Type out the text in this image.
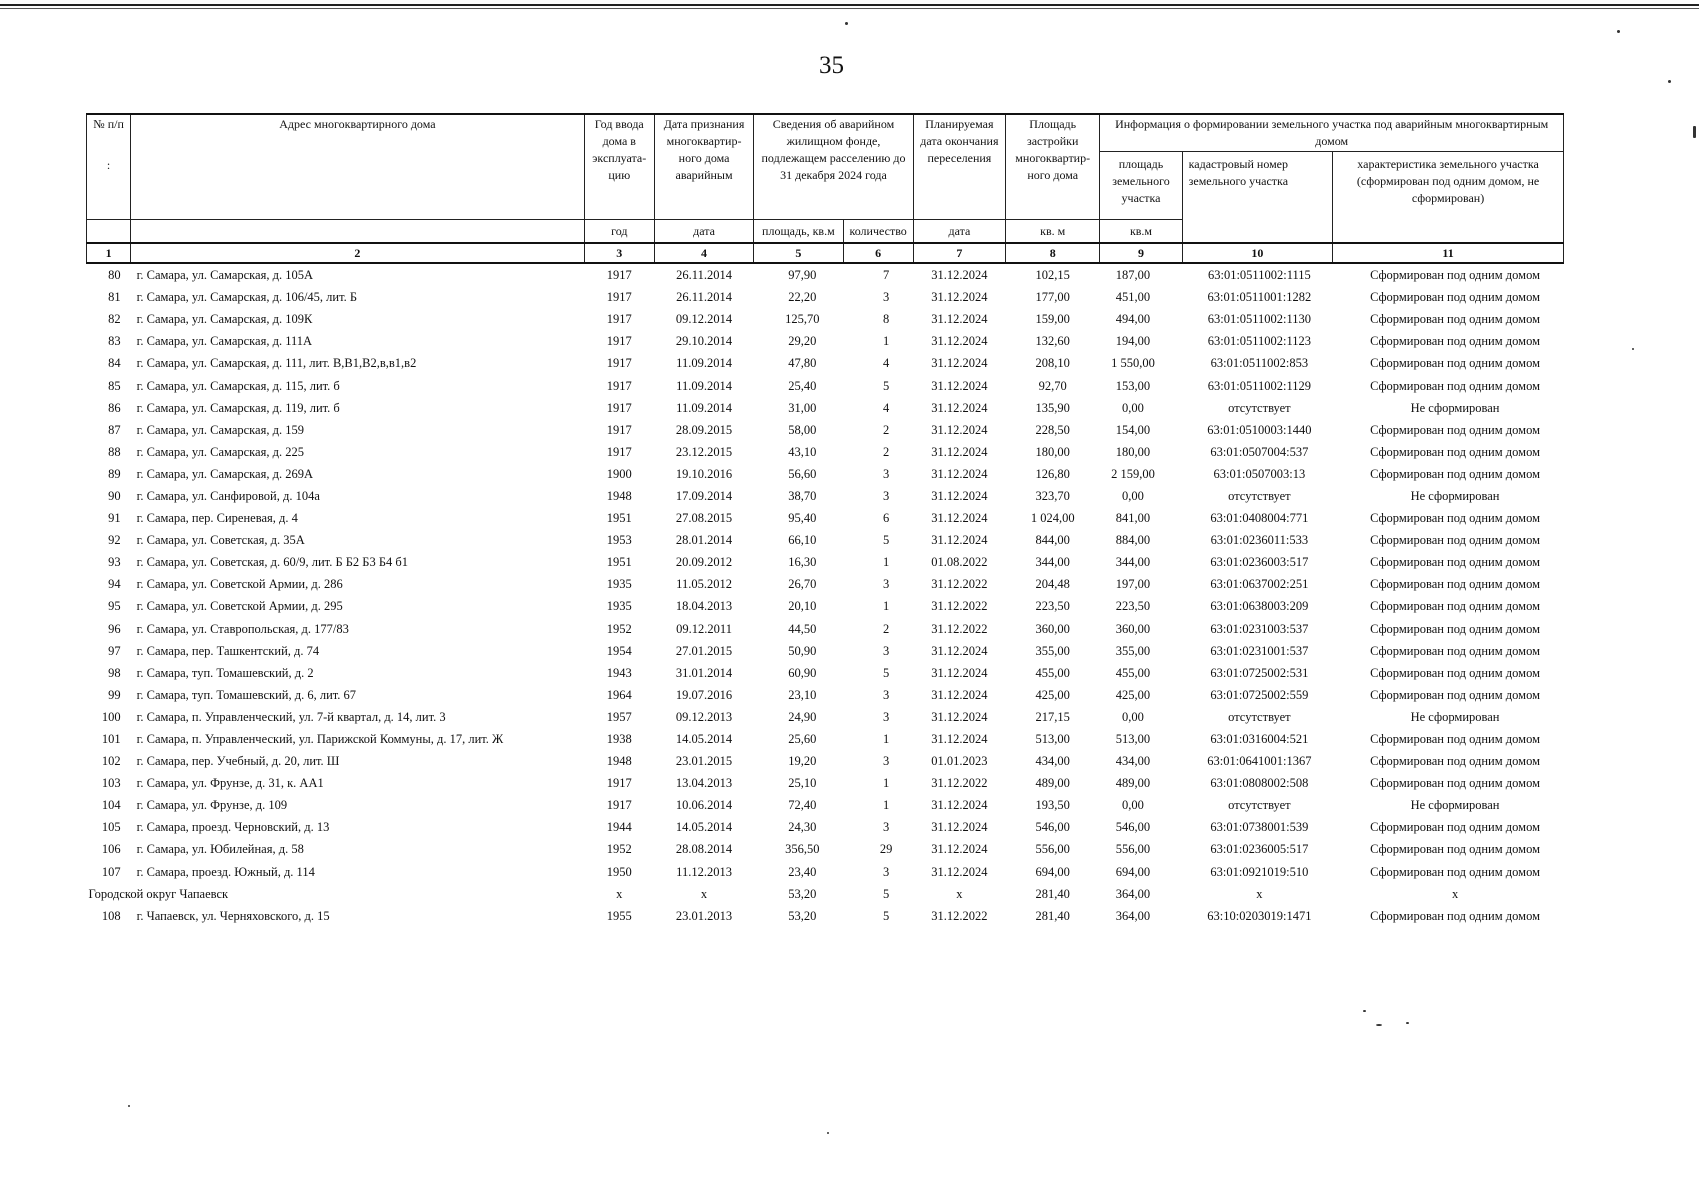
35
№ п/п
:	Адрес многоквартирного дома	Год ввода дома в эксплуата-цию	Дата признания многоквартир-ного дома аварийным	Сведения об аварийном жилищном фонде, подлежащем расселению до 31 декабря 2024 года		Планируемая дата окончания переселения	Площадь застройки многоквартир-ного дома	Информация о формировании земельного участка под аварийным многоквартирным домом		
								площадь земельного участка	кадастровый номер земельного участка	характеристика земельного участка (сформирован под одним домом, не сформирован)
		год	дата	площадь, кв.м	количество	дата	кв. м	кв.м		
1	2	3	4	5	6	7	8	9	10	11
80	г. Самара, ул. Самарская, д. 105А	1917	26.11.2014	97,90	7	31.12.2024	102,15	187,00	63:01:0511002:1115	Сформирован под одним домом
81	г. Самара, ул. Самарская, д. 106/45, лит. Б	1917	26.11.2014	22,20	3	31.12.2024	177,00	451,00	63:01:0511001:1282	Сформирован под одним домом
82	г. Самара, ул. Самарская, д. 109К	1917	09.12.2014	125,70	8	31.12.2024	159,00	494,00	63:01:0511002:1130	Сформирован под одним домом
83	г. Самара, ул. Самарская, д. 111А	1917	29.10.2014	29,20	1	31.12.2024	132,60	194,00	63:01:0511002:1123	Сформирован под одним домом
84	г. Самара, ул. Самарская, д. 111, лит. В,В1,В2,в,в1,в2	1917	11.09.2014	47,80	4	31.12.2024	208,10	1 550,00	63:01:0511002:853	Сформирован под одним домом
85	г. Самара, ул. Самарская, д. 115, лит. б	1917	11.09.2014	25,40	5	31.12.2024	92,70	153,00	63:01:0511002:1129	Сформирован под одним домом
86	г. Самара, ул. Самарская, д. 119, лит. б	1917	11.09.2014	31,00	4	31.12.2024	135,90	0,00	отсутствует	Не сформирован
87	г. Самара, ул. Самарская, д. 159	1917	28.09.2015	58,00	2	31.12.2024	228,50	154,00	63:01:0510003:1440	Сформирован под одним домом
88	г. Самара, ул. Самарская, д. 225	1917	23.12.2015	43,10	2	31.12.2024	180,00	180,00	63:01:0507004:537	Сформирован под одним домом
89	г. Самара, ул. Самарская, д. 269А	1900	19.10.2016	56,60	3	31.12.2024	126,80	2 159,00	63:01:0507003:13	Сформирован под одним домом
90	г. Самара, ул. Санфировой, д. 104а	1948	17.09.2014	38,70	3	31.12.2024	323,70	0,00	отсутствует	Не сформирован
91	г. Самара, пер. Сиреневая, д. 4	1951	27.08.2015	95,40	6	31.12.2024	1 024,00	841,00	63:01:0408004:771	Сформирован под одним домом
92	г. Самара, ул. Советская, д. 35А	1953	28.01.2014	66,10	5	31.12.2024	844,00	884,00	63:01:0236011:533	Сформирован под одним домом
93	г. Самара, ул. Советская, д. 60/9, лит. Б Б2 Б3 Б4 б1	1951	20.09.2012	16,30	1	01.08.2022	344,00	344,00	63:01:0236003:517	Сформирован под одним домом
94	г. Самара, ул. Советской Армии, д. 286	1935	11.05.2012	26,70	3	31.12.2022	204,48	197,00	63:01:0637002:251	Сформирован под одним домом
95	г. Самара, ул. Советской Армии, д. 295	1935	18.04.2013	20,10	1	31.12.2022	223,50	223,50	63:01:0638003:209	Сформирован под одним домом
96	г. Самара, ул. Ставропольская, д. 177/83	1952	09.12.2011	44,50	2	31.12.2022	360,00	360,00	63:01:0231003:537	Сформирован под одним домом
97	г. Самара, пер. Ташкентский, д. 74	1954	27.01.2015	50,90	3	31.12.2024	355,00	355,00	63:01:0231001:537	Сформирован под одним домом
98	г. Самара, туп. Томашевский, д. 2	1943	31.01.2014	60,90	5	31.12.2024	455,00	455,00	63:01:0725002:531	Сформирован под одним домом
99	г. Самара, туп. Томашевский, д. 6, лит. 67	1964	19.07.2016	23,10	3	31.12.2024	425,00	425,00	63:01:0725002:559	Сформирован под одним домом
100	г. Самара, п. Управленческий, ул. 7-й квартал, д. 14, лит. 3	1957	09.12.2013	24,90	3	31.12.2024	217,15	0,00	отсутствует	Не сформирован
101	г. Самара, п. Управленческий, ул. Парижской Коммуны, д. 17, лит. Ж	1938	14.05.2014	25,60	1	31.12.2024	513,00	513,00	63:01:0316004:521	Сформирован под одним домом
102	г. Самара, пер. Учебный, д. 20, лит. Ш	1948	23.01.2015	19,20	3	01.01.2023	434,00	434,00	63:01:0641001:1367	Сформирован под одним домом
103	г. Самара, ул. Фрунзе, д. 31, к. АА1	1917	13.04.2013	25,10	1	31.12.2022	489,00	489,00	63:01:0808002:508	Сформирован под одним домом
104	г. Самара, ул. Фрунзе, д. 109	1917	10.06.2014	72,40	1	31.12.2024	193,50	0,00	отсутствует	Не сформирован
105	г. Самара, проезд. Черновский, д. 13	1944	14.05.2014	24,30	3	31.12.2024	546,00	546,00	63:01:0738001:539	Сформирован под одним домом
106	г. Самара, ул. Юбилейная, д. 58	1952	28.08.2014	356,50	29	31.12.2024	556,00	556,00	63:01:0236005:517	Сформирован под одним домом
107	г. Самара, проезд. Южный, д. 114	1950	11.12.2013	23,40	3	31.12.2024	694,00	694,00	63:01:0921019:510	Сформирован под одним домом
Городской округ Чапаевск		x	x	53,20	5	x	281,40	364,00	x	x
108	г. Чапаевск, ул. Черняховского, д. 15	1955	23.01.2013	53,20	5	31.12.2022	281,40	364,00	63:10:0203019:1471	Сформирован под одним домом
